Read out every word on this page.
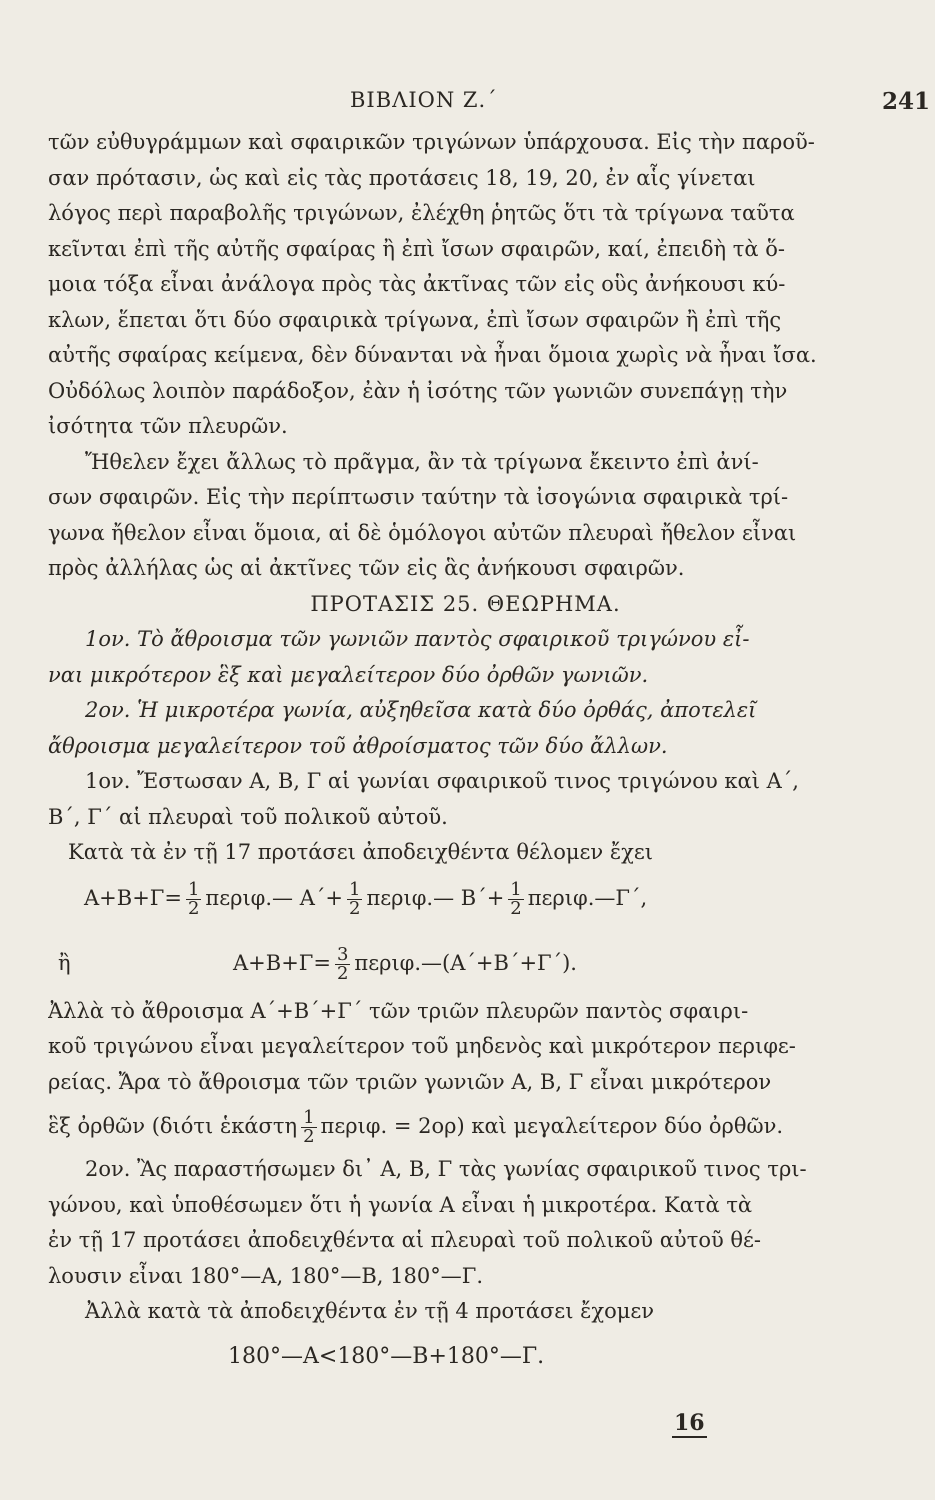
ΒΙΒΛΙΟΝ Ζ.΄	241
τῶν εὐθυγράμμων καὶ σφαιρικῶν τριγώνων ὑπάρχουσα. Εἰς τὴν παροῦ-
σαν πρότασιν, ὡς καὶ εἰς τὰς προτάσεις 18, 19, 20, ἐν αἷς γίνεται
λόγος περὶ παραβολῆς τριγώνων, ἐλέχθη ῥητῶς ὅτι τὰ τρίγωνα ταῦτα
κεῖνται ἐπὶ τῆς αὐτῆς σφαίρας ἢ ἐπὶ ἴσων σφαιρῶν, καί, ἐπειδὴ τὰ ὅ-
μοια τόξα εἶναι ἀνάλογα πρὸς τὰς ἀκτῖνας τῶν εἰς οὓς ἀνήκουσι κύ-
κλων, ἕπεται ὅτι δύο σφαιρικὰ τρίγωνα, ἐπὶ ἴσων σφαιρῶν ἢ ἐπὶ τῆς
αὐτῆς σφαίρας κείμενα, δὲν δύνανται νὰ ἦναι ὅμοια χωρὶς νὰ ἦναι ἴσα.
Οὐδόλως λοιπὸν παράδοξον, ἐὰν ἡ ἰσότης τῶν γωνιῶν συνεπάγῃ τὴν
ἰσότητα τῶν πλευρῶν.
Ἤθελεν ἔχει ἄλλως τὸ πρᾶγμα, ἂν τὰ τρίγωνα ἔκειντο ἐπὶ ἀνί-
σων σφαιρῶν. Εἰς τὴν περίπτωσιν ταύτην τὰ ἰσογώνια σφαιρικὰ τρί-
γωνα ἤθελον εἶναι ὅμοια, αἱ δὲ ὁμόλογοι αὐτῶν πλευραὶ ἤθελον εἶναι
πρὸς ἀλλήλας ὡς αἱ ἀκτῖνες τῶν εἰς ἃς ἀνήκουσι σφαιρῶν.
ΠΡΟΤΑΣΙΣ 25. ΘΕΩΡΗΜΑ.
1ον. Τὸ ἄθροισμα τῶν γωνιῶν παντὸς σφαιρικοῦ τριγώνου εἶ-
ναι μικρότερον ἓξ καὶ μεγαλείτερον δύο ὀρθῶν γωνιῶν.
2ον. Ἡ μικροτέρα γωνία, αὐξηθεῖσα κατὰ δύο ὀρθάς, ἀποτελεῖ
ἄθροισμα μεγαλείτερον τοῦ ἀθροίσματος τῶν δύο ἄλλων.
1ον. Ἔστωσαν Α, Β, Γ αἱ γωνίαι σφαιρικοῦ τινος τριγώνου καὶ Α΄,
Β΄, Γ΄ αἱ πλευραὶ τοῦ πολικοῦ αὐτοῦ.
Κατὰ τὰ ἐν τῇ 17 προτάσει ἀποδειχθέντα θέλομεν ἔχει
$A+B+\Gamma= \frac{1}{2}$ περιφ.— $A΄+ \frac{1}{2}$ περιφ.— $B΄+ \frac{1}{2}$ περιφ.—Γ΄,
ἢ	$A+B+\Gamma= \frac{3}{2}$ περιφ.—(Α΄+Β΄+Γ΄).
Ἀλλὰ τὸ ἄθροισμα Α΄+Β΄+Γ΄ τῶν τριῶν πλευρῶν παντὸς σφαιρι-
κοῦ τριγώνου εἶναι μεγαλείτερον τοῦ μηδενὸς καὶ μικρότερον περιφε-
ρείας. Ἄρα τὸ ἄθροισμα τῶν τριῶν γωνιῶν Α, Β, Γ εἶναι μικρότερον
ἓξ ὀρθῶν (διότι ἑκάστη $\frac{1}{2} \pi\varepsilon\rho\iota\varphi$. = 2ορ) καὶ μεγαλείτερον δύο ὀρθῶν.
2ον. Ἂς παραστήσωμεν δι᾽ Α, Β, Γ τὰς γωνίας σφαιρικοῦ τινος τρι-
γώνου, καὶ ὑποθέσωμεν ὅτι ἡ γωνία Α εἶναι ἡ μικροτέρα. Κατὰ τὰ
ἐν τῇ 17 προτάσει ἀποδειχθέντα αἱ πλευραὶ τοῦ πολικοῦ αὐτοῦ θέ-
λουσιν εἶναι 180°—Α, 180°—Β, 180°—Γ.
Ἀλλὰ κατὰ τὰ ἀποδειχθέντα ἐν τῇ 4 προτάσει ἔχομεν
180°—Α<180°—Β+180°—Γ.
16
